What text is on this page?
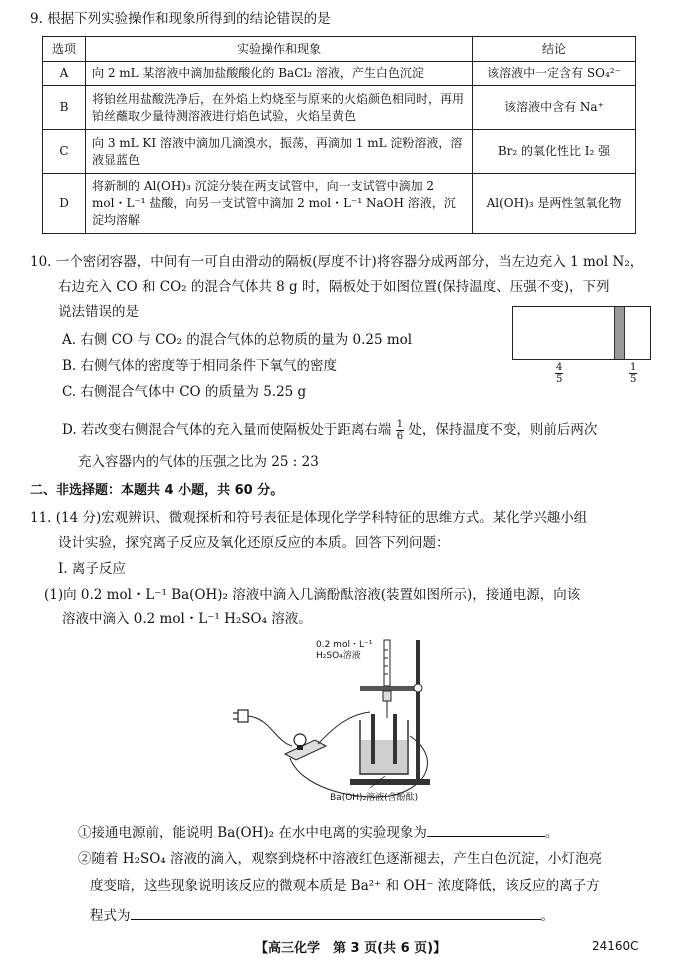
9. 根据下列实验操作和现象所得到的结论错误的是
选项	实验操作和现象	结论
A	向 2 mL 某溶液中滴加盐酸酸化的 BaCl₂ 溶液，产生白色沉淀	该溶液中一定含有 SO₄²⁻
B	将铂丝用盐酸洗净后，在外焰上灼烧至与原来的火焰颜色相同时，再用铂丝蘸取少量待测溶液进行焰色试验，火焰呈黄色	该溶液中含有 Na⁺
C	向 3 mL KI 溶液中滴加几滴溴水，振荡，再滴加 1 mL 淀粉溶液，溶液显蓝色	Br₂ 的氧化性比 I₂ 强
D	将新制的 Al(OH)₃ 沉淀分装在两支试管中，向一支试管中滴加 2 mol・L⁻¹ 盐酸，向另一支试管中滴加 2 mol・L⁻¹ NaOH 溶液，沉淀均溶解	Al(OH)₃ 是两性氢氧化物
10. 一个密闭容器，中间有一可自由滑动的隔板(厚度不计)将容器分成两部分，当左边充入 1 mol N₂，
右边充入 CO 和 CO₂ 的混合气体共 8 g 时，隔板处于如图位置(保持温度、压强不变)，下列
说法错误的是
A. 右侧 CO 与 CO₂ 的混合气体的总物质的量为 0.25 mol
B. 右侧气体的密度等于相同条件下氧气的密度
C. 右侧混合气体中 CO 的质量为 5.25 g
D. 若改变右侧混合气体的充入量而使隔板处于距离右端 $\frac{1}{6}$ 处，保持温度不变，则前后两次
充入容器内的气体的压强之比为 25 : 23
$\frac{4}{5}$	$\frac{1}{5}$
二、非选择题：本题共 4 小题，共 60 分。
11. (14 分)宏观辨识、微观探析和符号表征是体现化学学科特征的思维方式。某化学兴趣小组
设计实验，探究离子反应及氧化还原反应的本质。回答下列问题：
Ⅰ. 离子反应
(1)向 0.2 mol・L⁻¹ Ba(OH)₂ 溶液中滴入几滴酚酞溶液(装置如图所示)，接通电源，向该
溶液中滴入 0.2 mol・L⁻¹ H₂SO₄ 溶液。
0.2 mol・L⁻¹
H₂SO₄溶液
Ba(OH)₂溶液(含酚酞)
①接通电源前，能说明 Ba(OH)₂ 在水中电离的实验现象为	。
②随着 H₂SO₄ 溶液的滴入，观察到烧杯中溶液红色逐渐褪去，产生白色沉淀，小灯泡亮
度变暗，这些现象说明该反应的微观本质是 Ba²⁺ 和 OH⁻ 浓度降低，该反应的离子方
程式为	。
【高三化学　第 3 页(共 6 页)】	24160C
